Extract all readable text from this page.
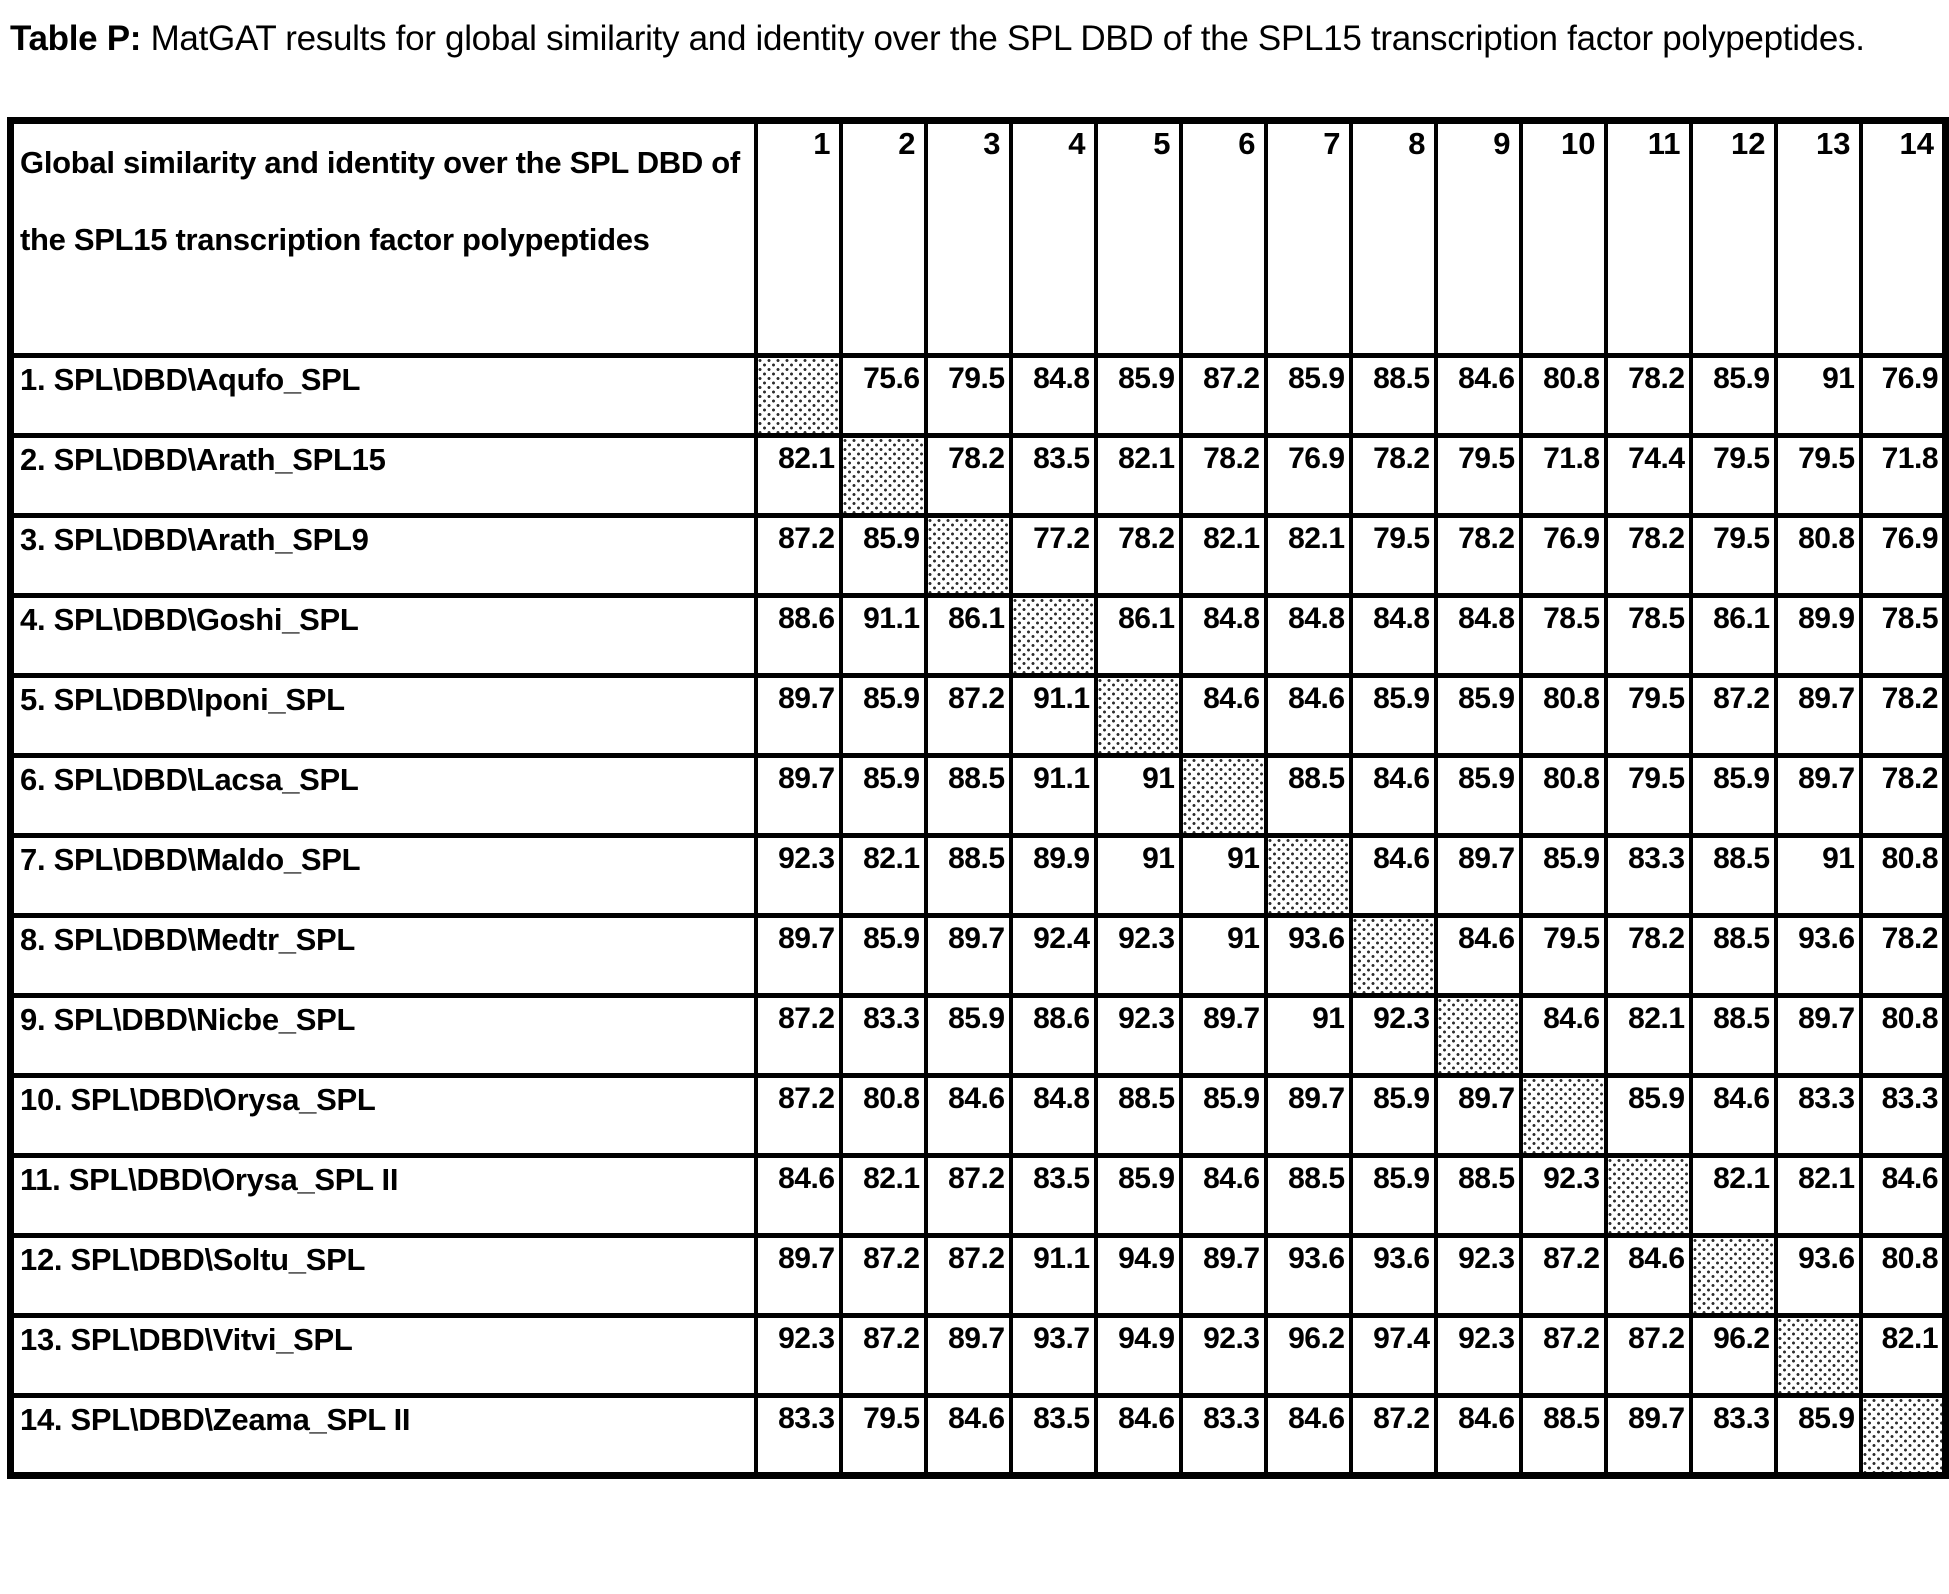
Table P: MatGAT results for global similarity and identity over the SPL DBD of the SPL15 transcription factor polypeptides.

Global similarity and identity over the SPL DBD of the SPL15 transcription factor polypeptides	1	2	3	4	5	6	7	8	9	10	11	12	13	14
1. SPL\DBD\Aqufo_SPL		75.6	79.5	84.8	85.9	87.2	85.9	88.5	84.6	80.8	78.2	85.9	91	76.9
2. SPL\DBD\Arath_SPL15	82.1		78.2	83.5	82.1	78.2	76.9	78.2	79.5	71.8	74.4	79.5	79.5	71.8
3. SPL\DBD\Arath_SPL9	87.2	85.9		77.2	78.2	82.1	82.1	79.5	78.2	76.9	78.2	79.5	80.8	76.9
4. SPL\DBD\Goshi_SPL	88.6	91.1	86.1		86.1	84.8	84.8	84.8	84.8	78.5	78.5	86.1	89.9	78.5
5. SPL\DBD\Iponi_SPL	89.7	85.9	87.2	91.1		84.6	84.6	85.9	85.9	80.8	79.5	87.2	89.7	78.2
6. SPL\DBD\Lacsa_SPL	89.7	85.9	88.5	91.1	91		88.5	84.6	85.9	80.8	79.5	85.9	89.7	78.2
7. SPL\DBD\Maldo_SPL	92.3	82.1	88.5	89.9	91	91		84.6	89.7	85.9	83.3	88.5	91	80.8
8. SPL\DBD\Medtr_SPL	89.7	85.9	89.7	92.4	92.3	91	93.6		84.6	79.5	78.2	88.5	93.6	78.2
9. SPL\DBD\Nicbe_SPL	87.2	83.3	85.9	88.6	92.3	89.7	91	92.3		84.6	82.1	88.5	89.7	80.8
10. SPL\DBD\Orysa_SPL	87.2	80.8	84.6	84.8	88.5	85.9	89.7	85.9	89.7		85.9	84.6	83.3	83.3
11. SPL\DBD\Orysa_SPL II	84.6	82.1	87.2	83.5	85.9	84.6	88.5	85.9	88.5	92.3		82.1	82.1	84.6
12. SPL\DBD\Soltu_SPL	89.7	87.2	87.2	91.1	94.9	89.7	93.6	93.6	92.3	87.2	84.6		93.6	80.8
13. SPL\DBD\Vitvi_SPL	92.3	87.2	89.7	93.7	94.9	92.3	96.2	97.4	92.3	87.2	87.2	96.2		82.1
14. SPL\DBD\Zeama_SPL II	83.3	79.5	84.6	83.5	84.6	83.3	84.6	87.2	84.6	88.5	89.7	83.3	85.9	
